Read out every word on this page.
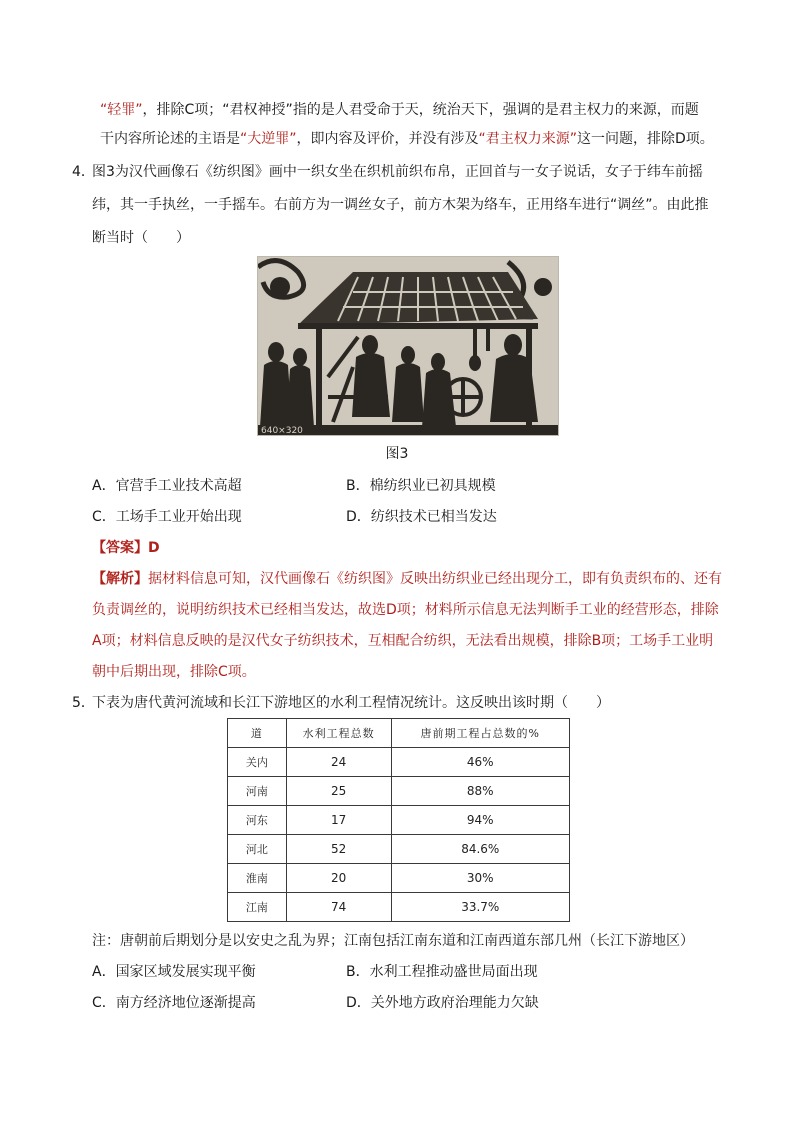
“轻罪”，排除C项；“君权神授”指的是人君受命于天，统治天下，强调的是君主权力的来源，而题
干内容所论述的主语是“大逆罪”，即内容及评价，并没有涉及“君主权力来源”这一问题，排除D项。
4．
图3为汉代画像石《纺织图》画中一织女坐在织机前织布帛，正回首与一女子说话，女子于纬车前摇
纬，其一手执丝，一手摇车。右前方为一调丝女子，前方木架为络车，正用络车进行“调丝”。由此推
断当时（　　）
640×320
图3
A．官营手工业技术高超	B．棉纺织业已初具规模
C．工场手工业开始出现	D．纺织技术已相当发达
【答案】D
【解析】据材料信息可知，汉代画像石《纺织图》反映出纺织业已经出现分工，即有负责织布的、还有
负责调丝的，说明纺织技术已经相当发达，故选D项；材料所示信息无法判断手工业的经营形态，排除
A项；材料信息反映的是汉代女子纺织技术，互相配合纺织，无法看出规模，排除B项；工场手工业明
朝中后期出现，排除C项。
5．
下表为唐代黄河流域和长江下游地区的水利工程情况统计。这反映出该时期（　　）
道	水利工程总数	唐前期工程占总数的%
关内	24	46%
河南	25	88%
河东	17	94%
河北	52	84.6%
淮南	20	30%
江南	74	33.7%
注：唐朝前后期划分是以安史之乱为界；江南包括江南东道和江南西道东部几州（长江下游地区）
A．国家区域发展实现平衡	B．水利工程推动盛世局面出现
C．南方经济地位逐渐提高	D．关外地方政府治理能力欠缺
